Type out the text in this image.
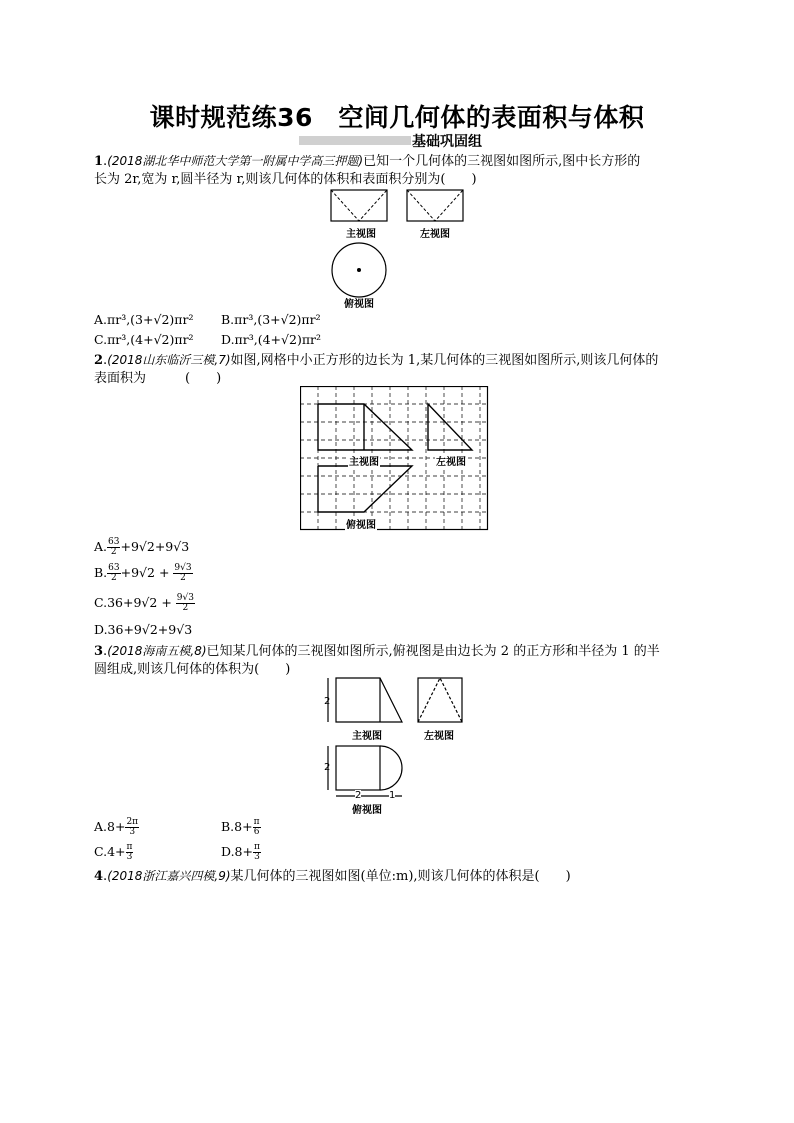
课时规范练36　空间几何体的表面积与体积
基础巩固组
1.(2018湖北华中师范大学第一附属中学高三押题)已知一个几何体的三视图如图所示,图中长方形的
长为 2r,宽为 r,圆半径为 r,则该几何体的体积和表面积分别为(　　)
主视图	左视图
俯视图
A.πr³,(3+√2)πr² B.πr³,(3+√2)πr²
C.πr³,(4+√2)πr² D.πr³,(4+√2)πr²
2.(2018山东临沂三模,7)如图,网格中小正方形的边长为 1,某几何体的三视图如图所示,则该几何体的
表面积为　　　(　　)
主视图	左视图
俯视图
A. $\frac{63}{2} +9√2+9√3$
B. $\frac{63}{2} +9√2 + \frac{9√3}{2}$
$C.36+9√2 + \frac{9√3}{2}$
D.36+9√2+9√3
3.(2018海南五模,8)已知某几何体的三视图如图所示,俯视图是由边长为 2 的正方形和半径为 1 的半
圆组成,则该几何体的体积为(　　)
2
2
2	1
主视图	左视图
俯视图
$A.8+ \frac{2\pi}{3}$	$B.8+ \frac{\pi}{6}$
$C.4+ \frac{\pi}{3}$	$D.8+ \frac{\pi}{3}$
4.(2018浙江嘉兴四模,9)某几何体的三视图如图(单位:m),则该几何体的体积是(　　)
